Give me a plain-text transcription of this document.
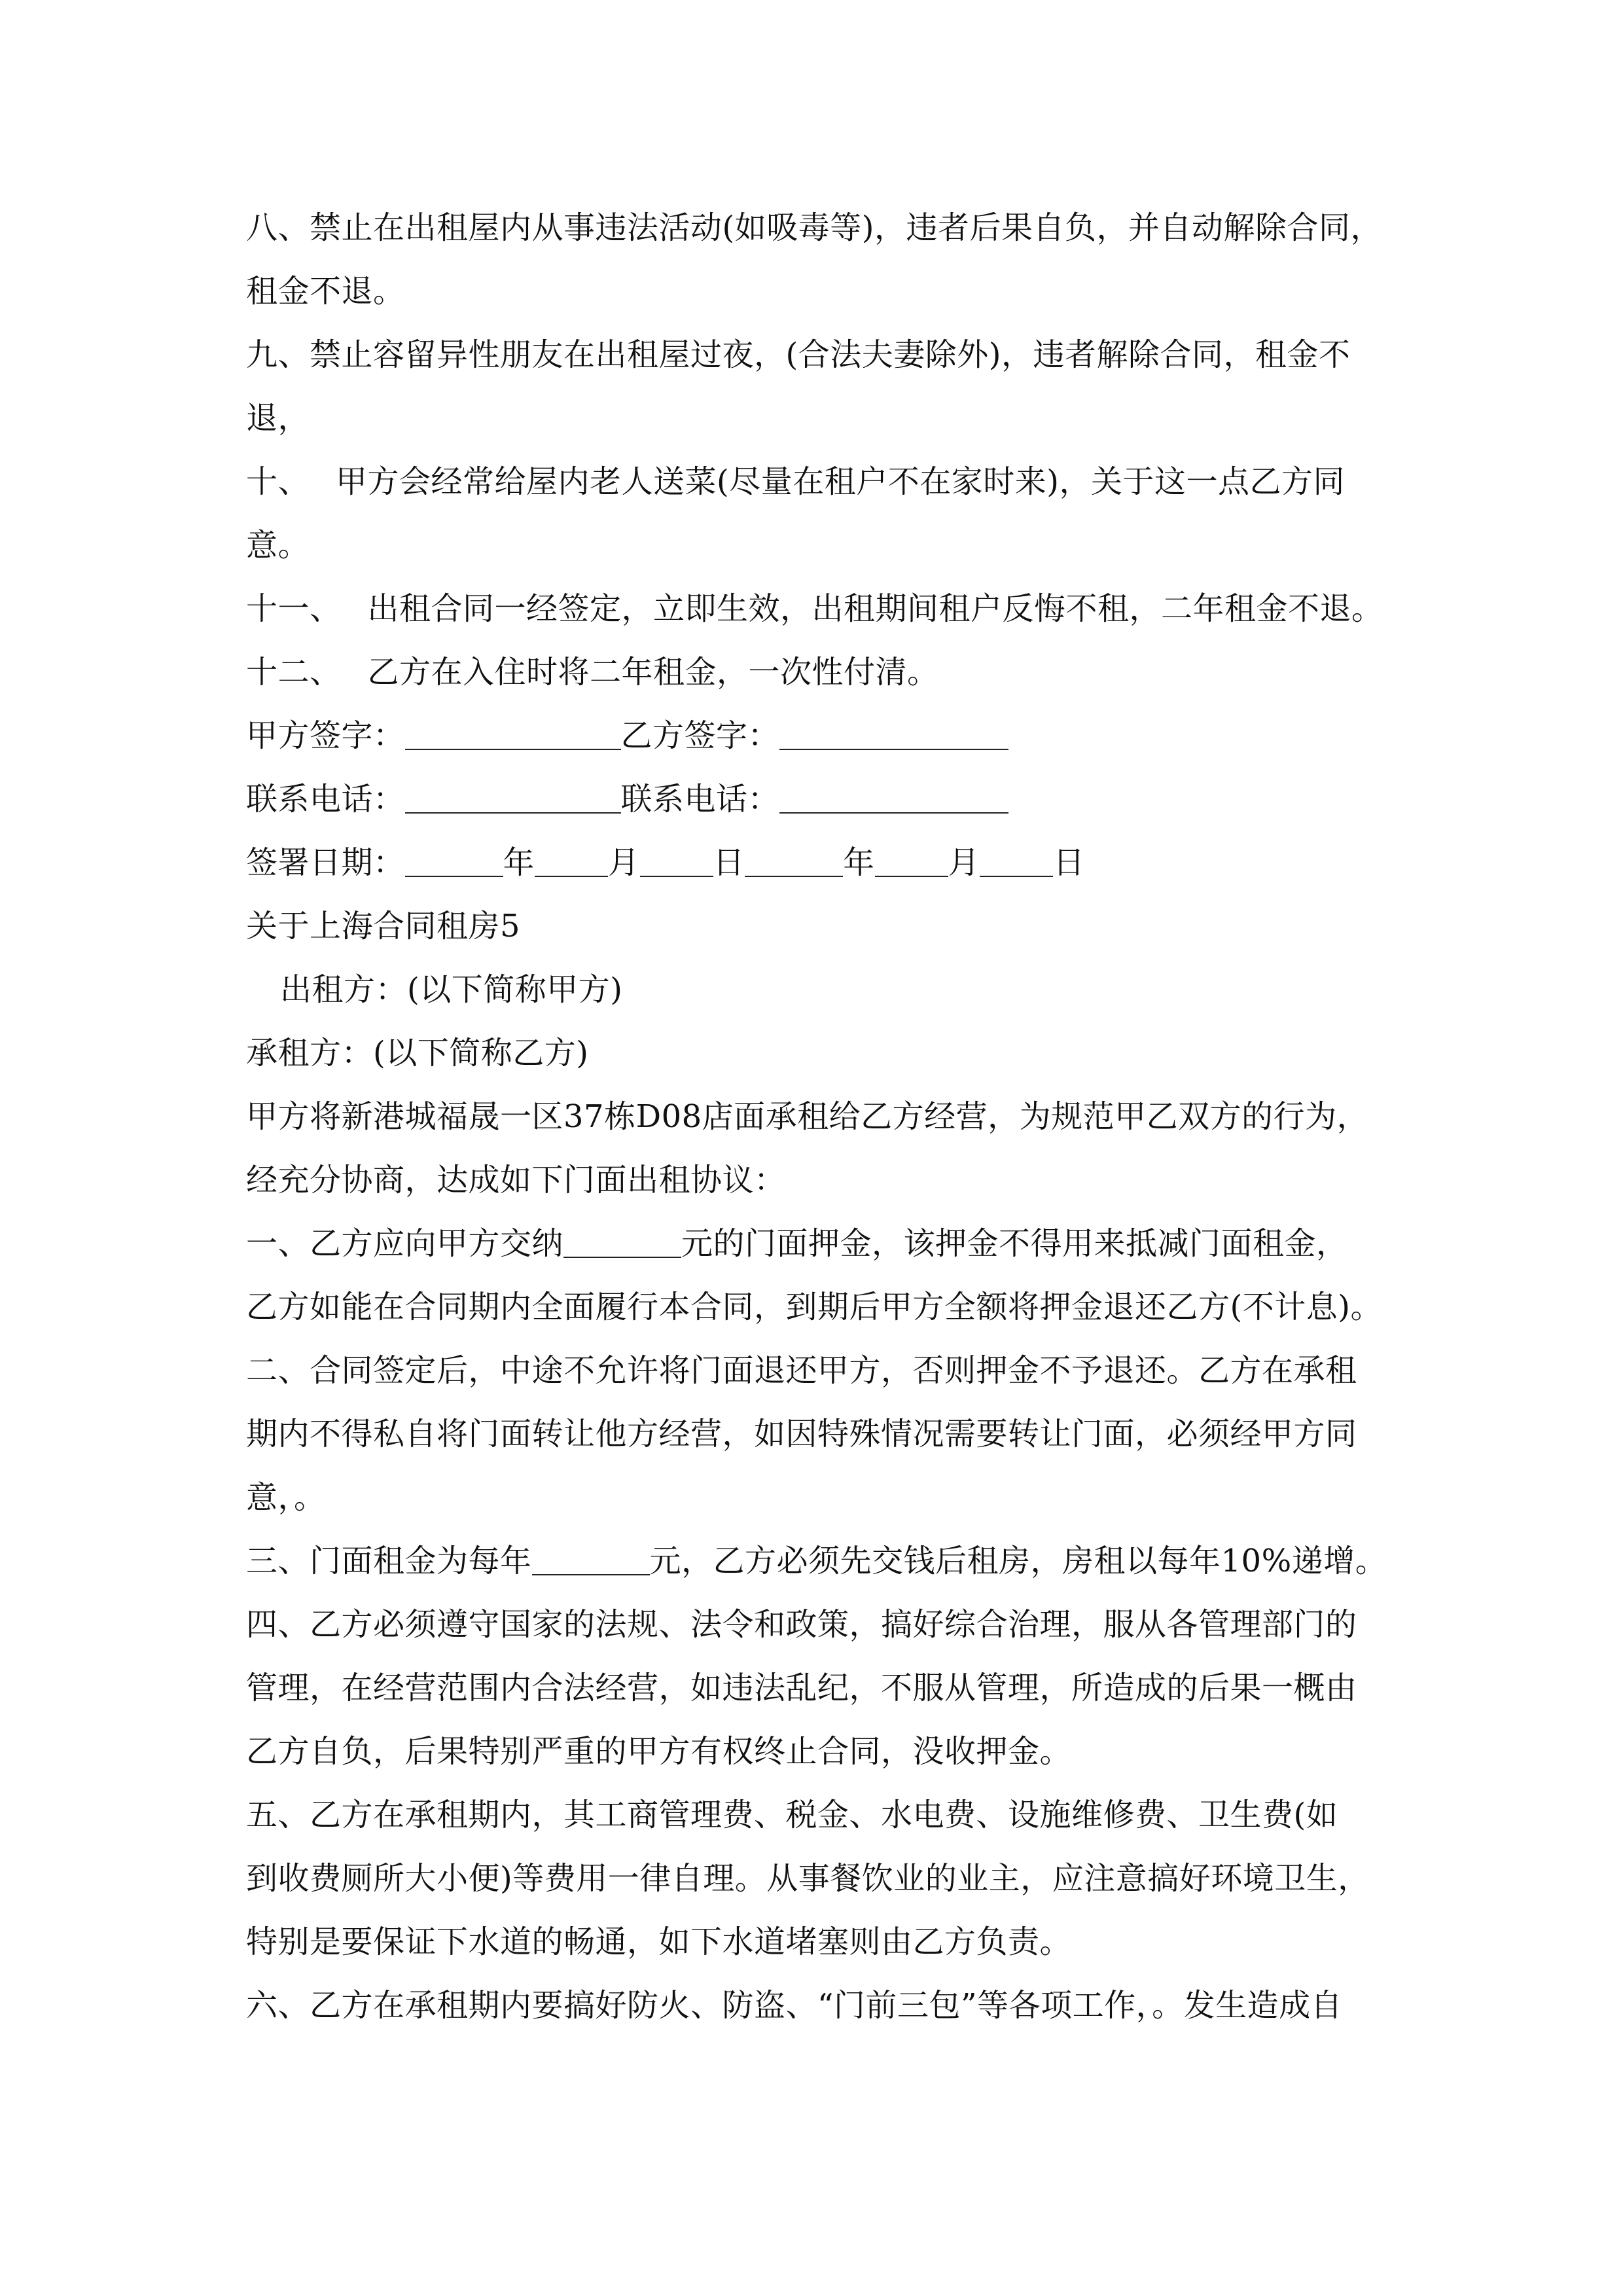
八、禁止在出租屋内从事违法活动(如吸毒等)，违者后果自负，并自动解除合同，
租金不退。
九、禁止容留异性朋友在出租屋过夜，(合法夫妻除外)，违者解除合同，租金不
退，
十、 甲方会经常给屋内老人送菜(尽量在租户不在家时来)，关于这一点乙方同
意。
十一、 出租合同一经签定，立即生效，出租期间租户反悔不租，二年租金不退。
十二、 乙方在入住时将二年租金，一次性付清。
甲方签字：	乙方签字：
联系电话：	联系电话：
签署日期：	年 月 日	年 月 日
关于上海合同租房5
出租方：(以下简称甲方)
承租方：(以下简称乙方)
甲方将新港城福晟一区37栋D08店面承租给乙方经营，为规范甲乙双方的行为，
经充分协商，达成如下门面出租协议：
一、乙方应向甲方交纳	元的门面押金，该押金不得用来抵减门面租金，
乙方如能在合同期内全面履行本合同，到期后甲方全额将押金退还乙方(不计息)。
二、合同签定后，中途不允许将门面退还甲方，否则押金不予退还。乙方在承租
期内不得私自将门面转让他方经营，如因特殊情况需要转让门面，必须经甲方同
意，。
三、门面租金为每年	元，乙方必须先交钱后租房，房租以每年10%递增。
四、乙方必须遵守国家的法规、法令和政策，搞好综合治理，服从各管理部门的
管理，在经营范围内合法经营，如违法乱纪，不服从管理，所造成的后果一概由
乙方自负，后果特别严重的甲方有权终止合同，没收押金。
五、乙方在承租期内，其工商管理费、税金、水电费、设施维修费、卫生费(如
到收费厕所大小便)等费用一律自理。从事餐饮业的业主，应注意搞好环境卫生，
特别是要保证下水道的畅通，如下水道堵塞则由乙方负责。
六、乙方在承租期内要搞好防火、防盗、“门前三包”等各项工作，。发生造成自
